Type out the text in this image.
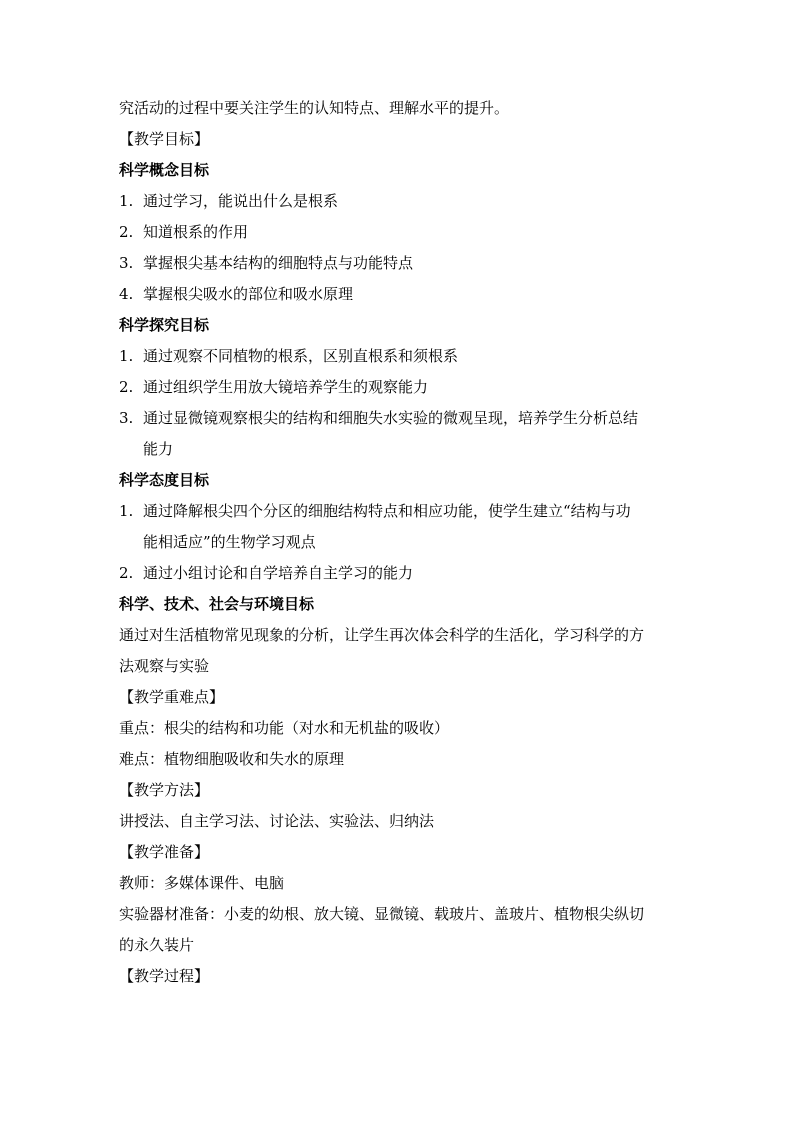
究活动的过程中要关注学生的认知特点、理解水平的提升。
【教学目标】
科学概念目标
1. 通过学习，能说出什么是根系
2. 知道根系的作用
3. 掌握根尖基本结构的细胞特点与功能特点
4. 掌握根尖吸水的部位和吸水原理
科学探究目标
1. 通过观察不同植物的根系，区别直根系和须根系
2. 通过组织学生用放大镜培养学生的观察能力
3. 通过显微镜观察根尖的结构和细胞失水实验的微观呈现，培养学生分析总结
能力
科学态度目标
1. 通过降解根尖四个分区的细胞结构特点和相应功能，使学生建立“结构与功
能相适应”的生物学习观点
2. 通过小组讨论和自学培养自主学习的能力
科学、技术、社会与环境目标
通过对生活植物常见现象的分析，让学生再次体会科学的生活化，学习科学的方
法观察与实验
【教学重难点】
重点：根尖的结构和功能（对水和无机盐的吸收）
难点：植物细胞吸收和失水的原理
【教学方法】
讲授法、自主学习法、讨论法、实验法、归纳法
【教学准备】
教师：多媒体课件、电脑
实验器材准备：小麦的幼根、放大镜、显微镜、载玻片、盖玻片、植物根尖纵切
的永久装片
【教学过程】
